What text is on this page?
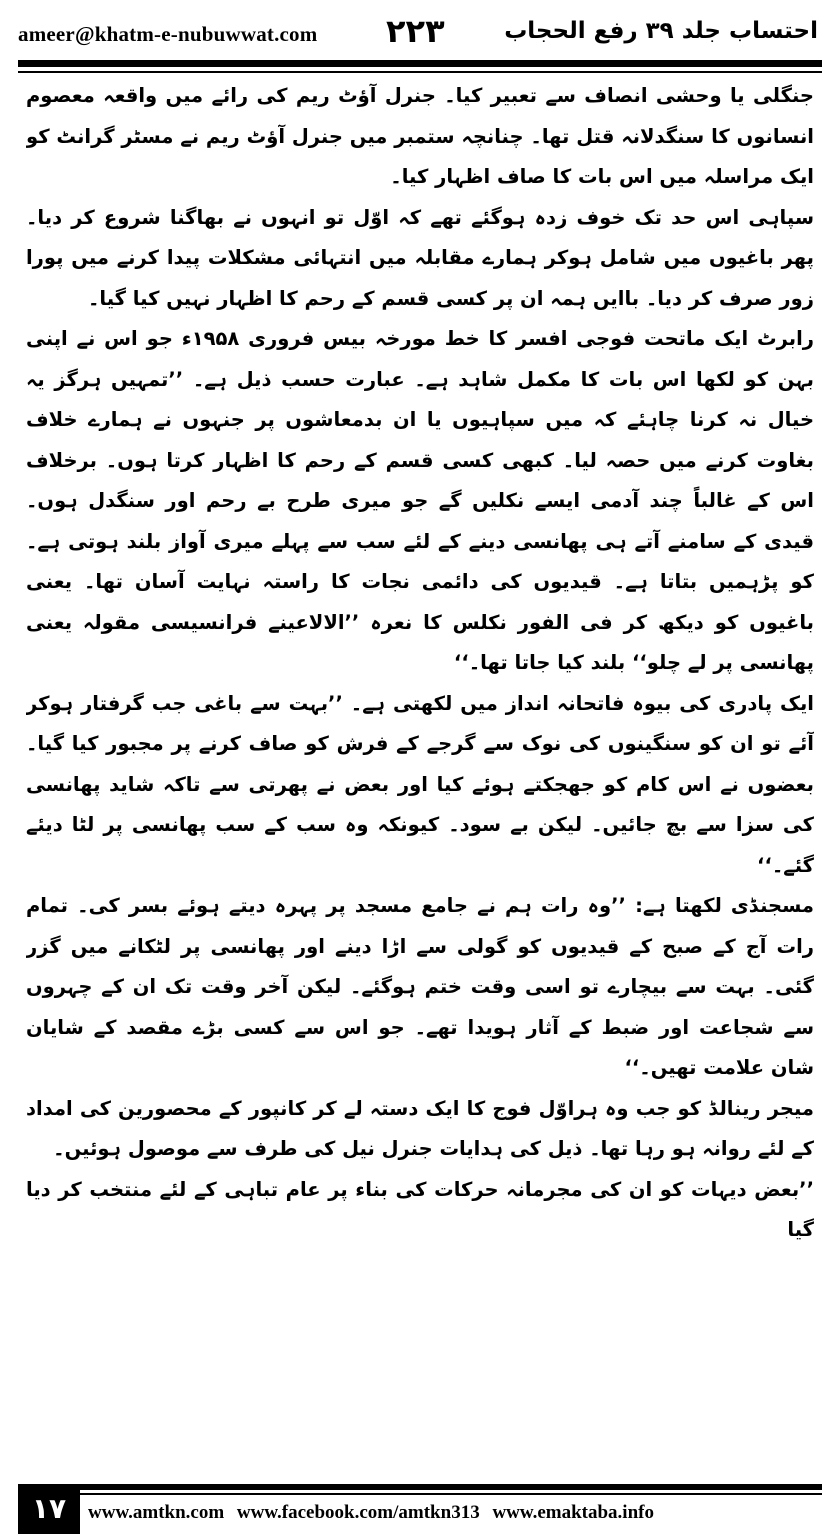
ameer@khatm-e-nubuwwat.com ۲۲۳	احتساب جلد ۳۹ رفع الحجاب

جنگلی یا وحشی انصاف سے تعبیر کیا۔ جنرل آؤٹ ریم کی رائے میں واقعہ معصوم انسانوں کا سنگدلانہ قتل تھا۔ چنانچہ ستمبر میں جنرل آؤٹ ریم نے مسٹر گرانٹ کو ایک مراسلہ میں اس بات کا صاف اظہار کیا۔

سپاہی اس حد تک خوف زدہ ہوگئے تھے کہ اوّل تو انہوں نے بھاگنا شروع کر دیا۔ پھر باغیوں میں شامل ہوکر ہمارے مقابلہ میں انتہائی مشکلات پیدا کرنے میں پورا زور صرف کر دیا۔ باایں ہمہ ان پر کسی قسم کے رحم کا اظہار نہیں کیا گیا۔

رابرٹ ایک ماتحت فوجی افسر کا خط مورخہ بیس فروری ۱۹۵۸ء جو اس نے اپنی بہن کو لکھا اس بات کا مکمل شاہد ہے۔ عبارت حسب ذیل ہے۔ ’’تمہیں ہرگز یہ خیال نہ کرنا چاہئے کہ میں سپاہیوں یا ان بدمعاشوں پر جنہوں نے ہمارے خلاف بغاوت کرنے میں حصہ لیا۔ کبھی کسی قسم کے رحم کا اظہار کرتا ہوں۔ برخلاف اس کے غالباً چند آدمی ایسے نکلیں گے جو میری طرح بے رحم اور سنگدل ہوں۔ قیدی کے سامنے آتے ہی پھانسی دینے کے لئے سب سے پہلے میری آواز بلند ہوتی ہے۔ کو پڑہمیں بتاتا ہے۔ قیدیوں کی دائمی نجات کا راستہ نہایت آسان تھا۔ یعنی باغیوں کو دیکھ کر فی الفور نکلس کا نعرہ ’’الالاعینے فرانسیسی مقولہ یعنی پھانسی پر لے چلو‘‘ بلند کیا جاتا تھا۔‘‘

ایک پادری کی بیوہ فاتحانہ انداز میں لکھتی ہے۔ ’’بہت سے باغی جب گرفتار ہوکر آئے تو ان کو سنگینوں کی نوک سے گرجے کے فرش کو صاف کرنے پر مجبور کیا گیا۔ بعضوں نے اس کام کو جھجکتے ہوئے کیا اور بعض نے پھرتی سے تاکہ شاید پھانسی کی سزا سے بچ جائیں۔ لیکن بے سود۔ کیونکہ وہ سب کے سب پھانسی پر لٹا دیئے گئے۔‘‘

مسجنڈی لکھتا ہے: ’’وہ رات ہم نے جامع مسجد پر پہرہ دیتے ہوئے بسر کی۔ تمام رات آج کے صبح کے قیدیوں کو گولی سے اڑا دینے اور پھانسی پر لٹکانے میں گزر گئی۔ بہت سے بیچارے تو اسی وقت ختم ہوگئے۔ لیکن آخر وقت تک ان کے چہروں سے شجاعت اور ضبط کے آثار ہویدا تھے۔ جو اس سے کسی بڑے مقصد کے شایان شان علامت تھیں۔‘‘

میجر رینالڈ کو جب وہ ہراوّل فوج کا ایک دستہ لے کر کانپور کے محصورین کی امداد کے لئے روانہ ہو رہا تھا۔ ذیل کی ہدایات جنرل نیل کی طرف سے موصول ہوئیں۔

’’بعض دیہات کو ان کی مجرمانہ حرکات کی بناء پر عام تباہی کے لئے منتخب کر دیا گیا

۱۷	www.amtkn.com www.facebook.com/amtkn313 www.emaktaba.info
